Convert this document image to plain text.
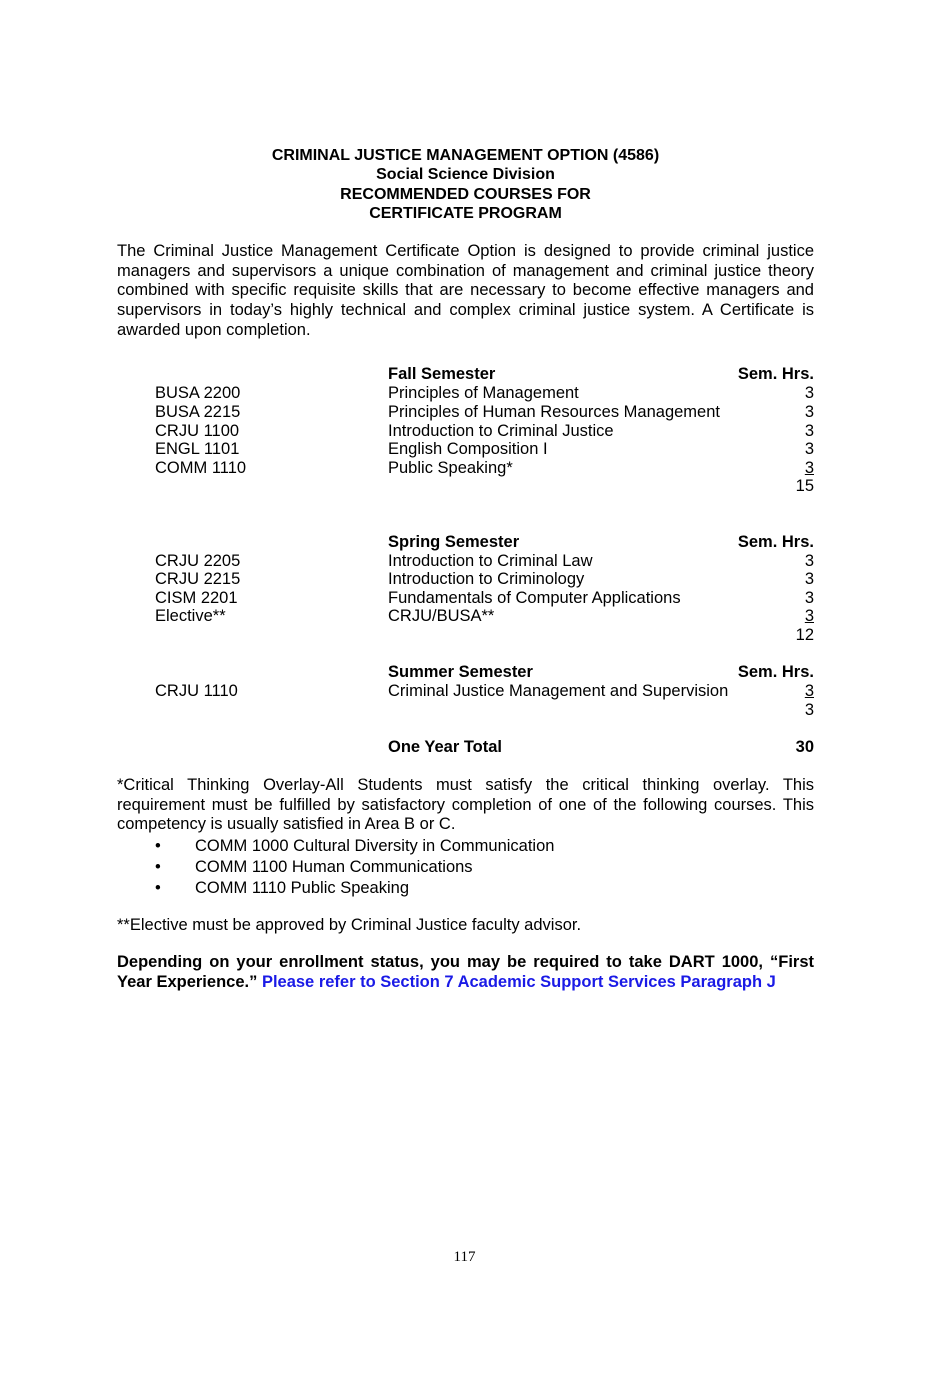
CRIMINAL JUSTICE MANAGEMENT OPTION (4586)
Social Science Division
RECOMMENDED COURSES FOR
CERTIFICATE PROGRAM

The Criminal Justice Management Certificate Option is designed to provide criminal justice managers and supervisors a unique combination of management and criminal justice theory combined with specific requisite skills that are necessary to become effective managers and supervisors in today’s highly technical and complex criminal justice system. A Certificate is awarded upon completion.

Fall Semester	Sem. Hrs.
BUSA 2200	Principles of Management	3
BUSA 2215	Principles of Human Resources Management	3
CRJU 1100	Introduction to Criminal Justice	3
ENGL 1101	English Composition I	3
COMM 1110	Public Speaking*	3
15
Spring Semester	Sem. Hrs.
CRJU 2205	Introduction to Criminal Law	3
CRJU 2215	Introduction to Criminology	3
CISM 2201	Fundamentals of Computer Applications	3
Elective**	CRJU/BUSA**	3
12
Summer Semester	Sem. Hrs.
CRJU 1110	Criminal Justice Management and Supervision	3
3
One Year Total	30

*Critical Thinking Overlay-All Students must satisfy the critical thinking overlay. This requirement must be fulfilled by satisfactory completion of one of the following courses. This competency is usually satisfied in Area B or C.

• COMM 1000 Cultural Diversity in Communication
• COMM 1100 Human Communications
• COMM 1110 Public Speaking

**Elective must be approved by Criminal Justice faculty advisor.

Depending on your enrollment status, you may be required to take DART 1000, “First Year Experience.” Please refer to Section 7 Academic Support Services Paragraph J

117
